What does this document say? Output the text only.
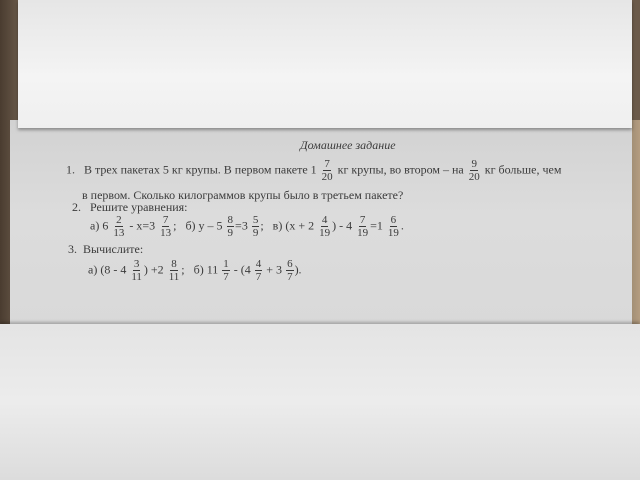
Домашнее задание
1. В трех пакетах 5 кг крупы. В первом пакете $1 \frac{7}{20}$ кг крупы, во втором – на $\frac{9}{20}$ кг больше, чем
в первом. Сколько килограммов крупы было в третьем пакете?
2. Решите уравнения:
а) $6 \frac{2}{13} - x=3 \frac{7}{13}$ ; б) $y - 5 \frac{8}{9} =3 \frac{5}{9}$ ; в) ($x + 2 \frac{4}{19}$ ) - $4 \frac{7}{19} =1 \frac{6}{19}$ .
3. Вычислите:
а) ($8 - 4 \frac{3}{11}$ ) $+2 \frac{8}{11}$ ; б) $11 \frac{1}{7} - (4 \frac{4}{7} + 3 \frac{6}{7}$ ).
